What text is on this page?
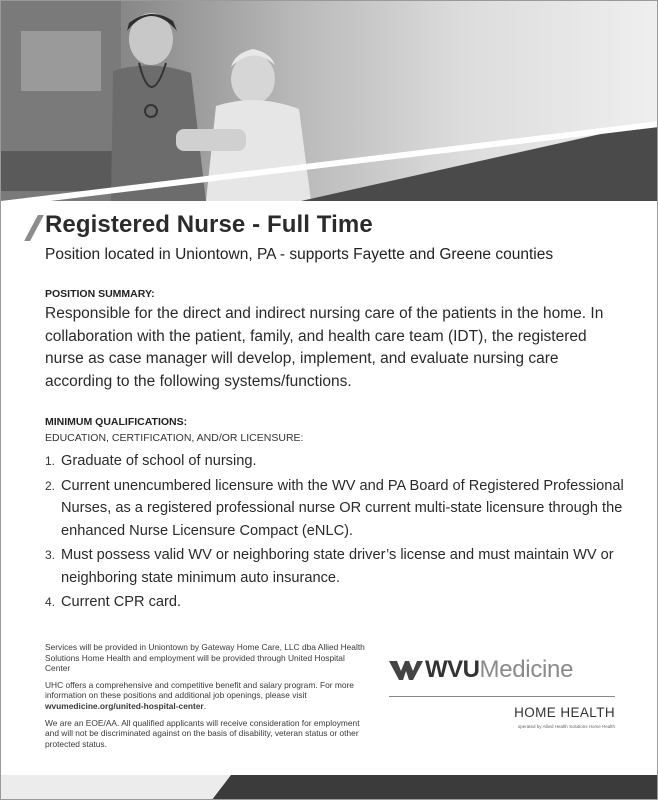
Registered Nurse - Full Time
Position located in Uniontown, PA - supports Fayette and Greene counties
POSITION SUMMARY:

Responsible for the direct and indirect nursing care of the patients in the home. In collaboration with the patient, family, and health care team (IDT), the registered nurse as case manager will develop, implement, and evaluate nursing care according to the following systems/functions.

MINIMUM QUALIFICATIONS:
EDUCATION, CERTIFICATION, AND/OR LICENSURE:
1. Graduate of school of nursing.
2. Current unencumbered licensure with the WV and PA Board of Registered Professional Nurses, as a registered professional nurse OR current multi-state licensure through the enhanced Nurse Licensure Compact (eNLC).
3. Must possess valid WV or neighboring state driver’s license and must maintain WV or neighboring state minimum auto insurance.
4. Current CPR card.

Services will be provided in Uniontown by Gateway Home Care, LLC dba Allied Health Solutions Home Health and employment will be provided through United Hospital Center

UHC offers a comprehensive and competitive benefit and salary program. For more information on these positions and additional job openings, please visit wvumedicine.org/united-hospital-center.

We are an EOE/AA. All qualified applicants will receive consideration for employment and will not be discriminated against on the basis of disability, veteran status or other protected status.

WVU Medicine
HOME HEALTH
operated by Allied Health Solutions Home Health
